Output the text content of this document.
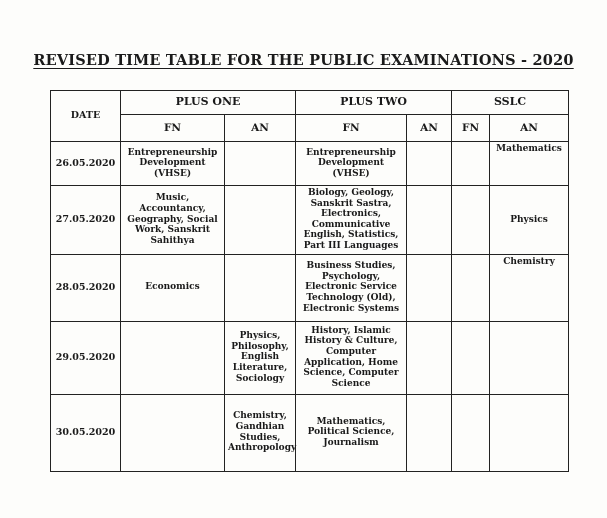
REVISED TIME TABLE FOR THE PUBLIC EXAMINATIONS - 2020
DATE	PLUS ONE		PLUS TWO		SSLC	
	FN	AN	FN	AN	FN	AN
26.05.2020	Entrepreneurship Development (VHSE)		Entrepreneurship Development (VHSE)			Mathematics
27.05.2020	Music, Accountancy, Geography, Social Work, Sanskrit Sahithya		Biology, Geology, Sanskrit Sastra, Electronics, Communicative English, Statistics, Part III Languages			Physics
28.05.2020	Economics		Business Studies, Psychology, Electronic Service Technology (Old), Electronic Systems			Chemistry
29.05.2020		Physics, Philosophy, English Literature, Sociology	History, Islamic History & Culture, Computer Application, Home Science, Computer Science			
30.05.2020		Chemistry, Gandhian Studies, Anthropology	Mathematics, Political Science, Journalism			
